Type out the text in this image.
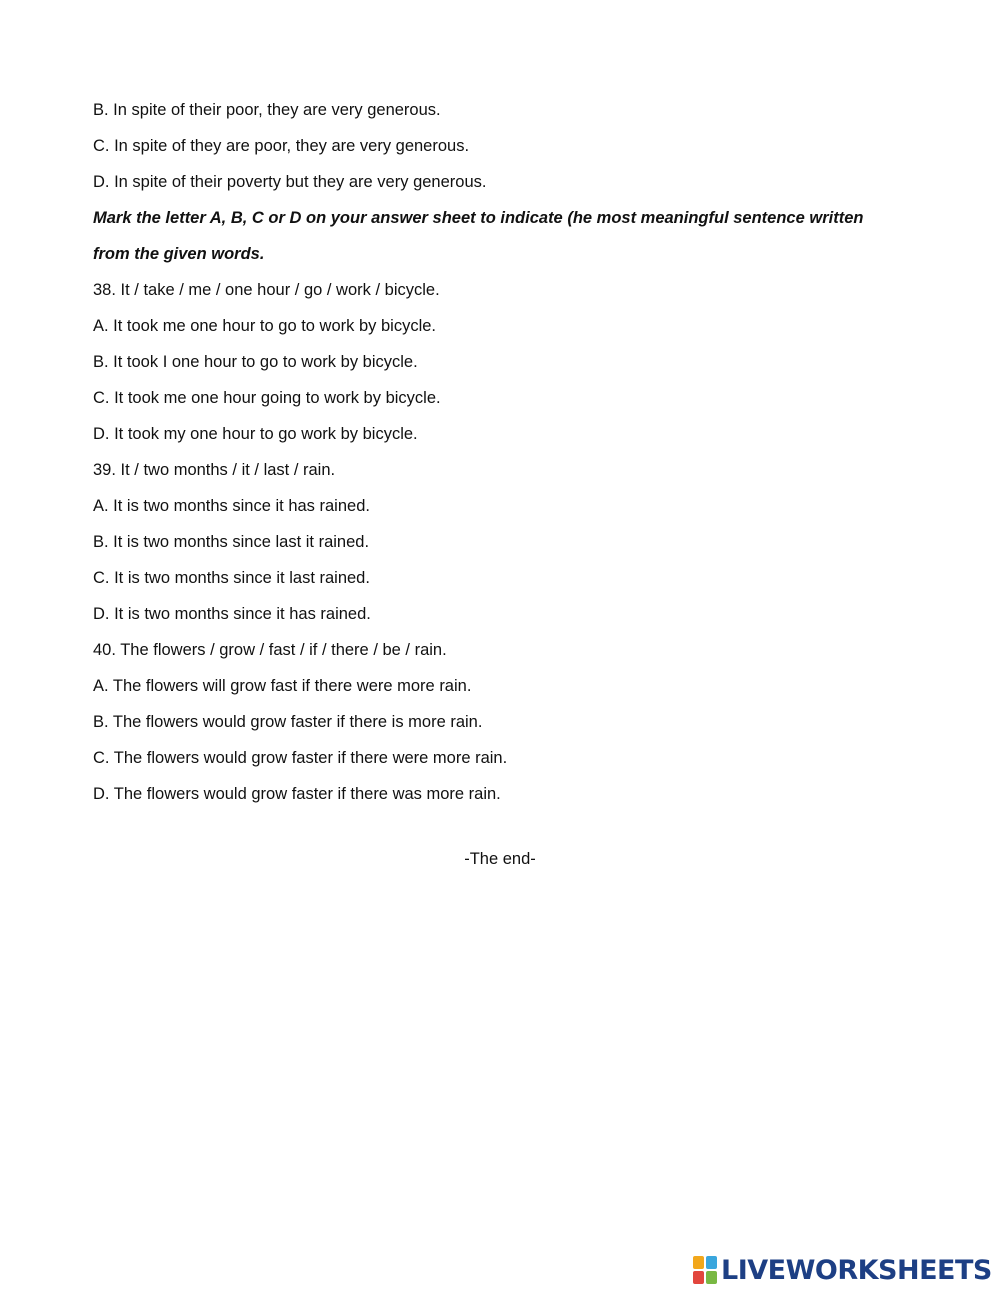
B. In spite of their poor, they are very generous.
C. In spite of they are poor, they are very generous.
D. In spite of their poverty but they are very generous.
Mark the letter A, B, C or D on your answer sheet to indicate (he most meaningful sentence written
from the given words.
38. It / take / me / one hour / go / work / bicycle.
A. It took me one hour to go to work by bicycle.
B. It took I one hour to go to work by bicycle.
C. It took me one hour going to work by bicycle.
D. It took my one hour to go work by bicycle.
39. It / two months / it / last / rain.
A. It is two months since it has rained.
B. It is two months since last it rained.
C. It is two months since it last rained.
D. It is two months since it has rained.
40. The flowers / grow / fast / if / there / be / rain.
A. The flowers will grow fast if there were more rain.
B. The flowers would grow faster if there is more rain.
C. The flowers would grow faster if there were more rain.
D. The flowers would grow faster if there was more rain.
-The end-
LIVEWORKSHEETS
